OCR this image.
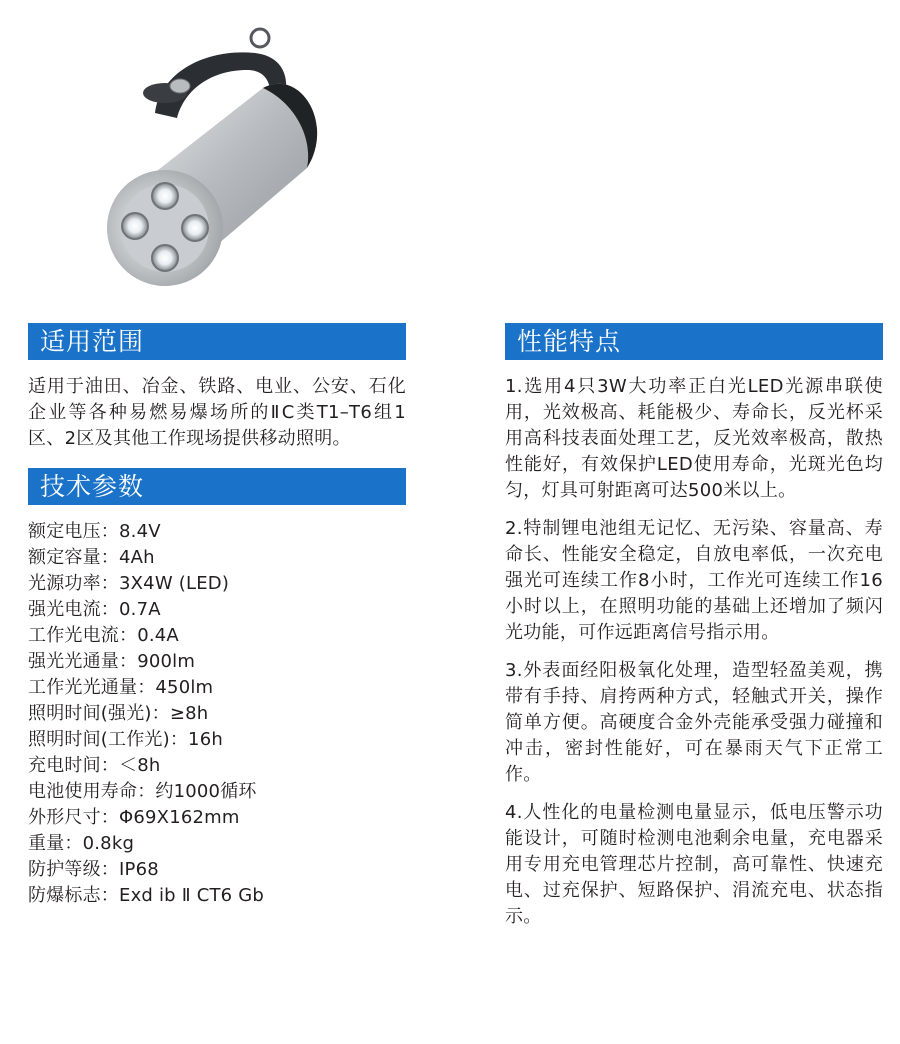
适用范围

适用于油田、冶金、铁路、电业、公安、石化企业等各种易燃易爆场所的ⅡC类T1–T6组1区、2区及其他工作现场提供移动照明。

技术参数
额定电压：8.4V
额定容量：4Ah
光源功率：3X4W (LED)
强光电流：0.7A
工作光电流：0.4A
强光光通量：900lm
工作光光通量：450lm
照明时间(强光)：≥8h
照明时间(工作光)：16h
充电时间：＜8h
电池使用寿命：约1000循环
外形尺寸：Φ69X162mm
重量：0.8kg
防护等级：IP68
防爆标志：Exd ib Ⅱ CT6 Gb
性能特点

1.选用4只3W大功率正白光LED光源串联使用，光效极高、耗能极少、寿命长，反光杯采用高科技表面处理工艺，反光效率极高，散热性能好，有效保护LED使用寿命，光斑光色均匀，灯具可射距离可达500米以上。

2.特制锂电池组无记忆、无污染、容量高、寿命长、性能安全稳定，自放电率低，一次充电强光可连续工作8小时，工作光可连续工作16小时以上，在照明功能的基础上还增加了频闪光功能，可作远距离信号指示用。

3.外表面经阳极氧化处理，造型轻盈美观，携带有手持、肩挎两种方式，轻触式开关，操作简单方便。高硬度合金外壳能承受强力碰撞和冲击，密封性能好，可在暴雨天气下正常工作。

4.人性化的电量检测电量显示，低电压警示功能设计，可随时检测电池剩余电量，充电器采用专用充电管理芯片控制，高可靠性、快速充电、过充保护、短路保护、涓流充电、状态指示。
